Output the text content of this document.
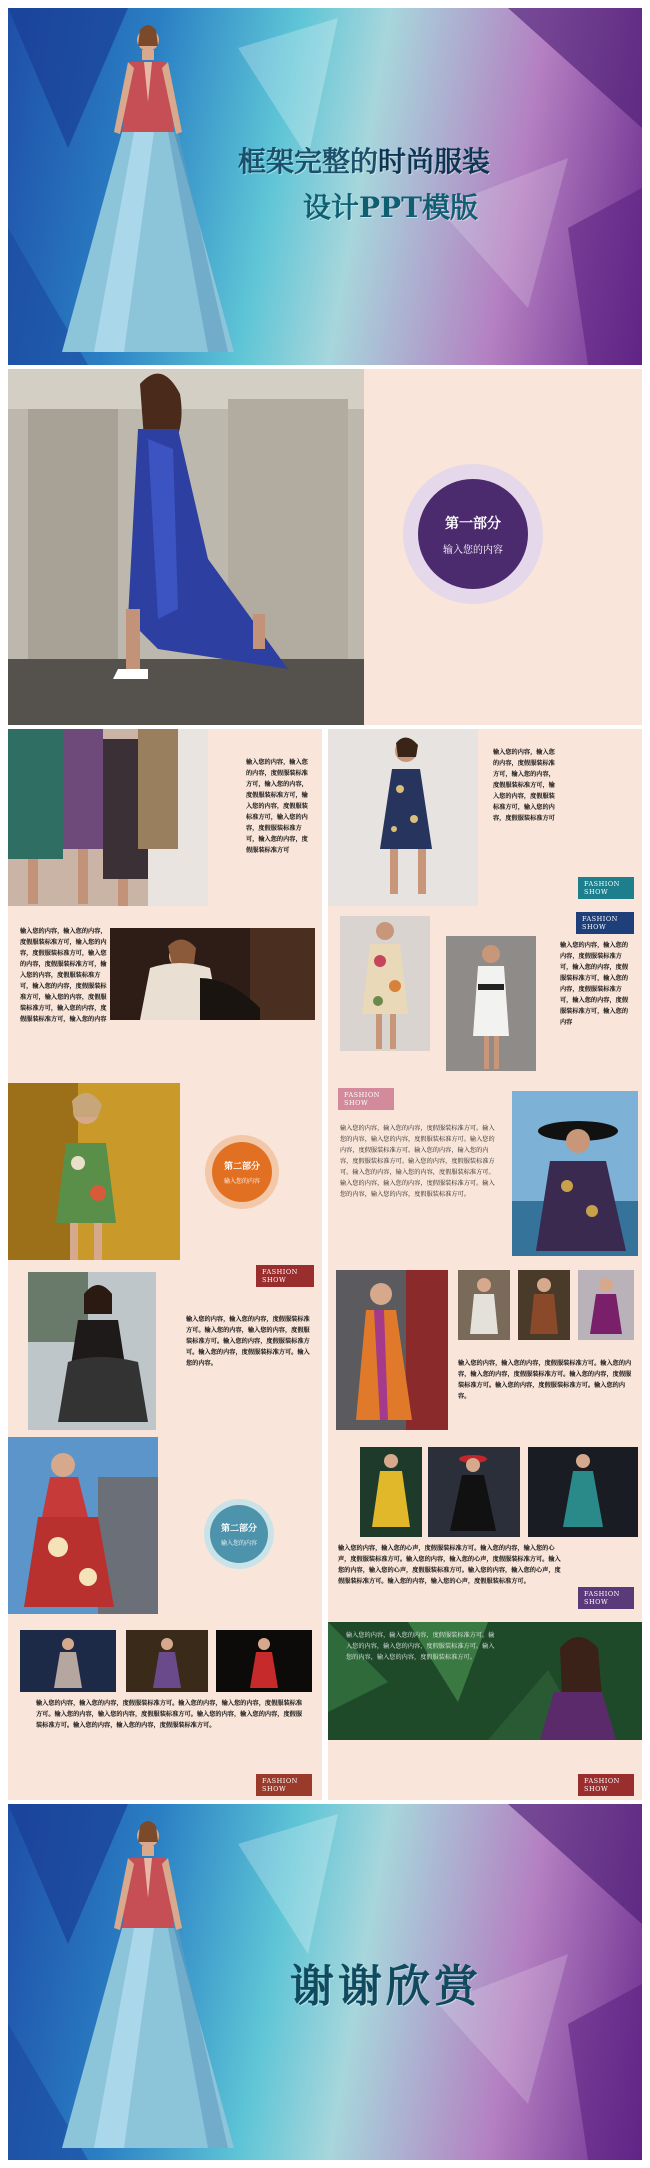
框架完整的时尚服装
设计PPT模版
第一部分
输入您的内容
输入您的内容，输入您的内容，度假服装标准方可，输入您的内容，度假服装标准方可，输入您的内容，度假服装标准方可，输入您的内容，度假服装标准方可，输入您的内容，度假服装标准方可
输入您的内容，输入您的内容，度假服装标准方可，输入您的内容，度假服装标准方可，输入您的内容，度假服装标准方可，输入您的内容，度假服装标准方可
FASHION SHOW
输入您的内容，输入您的内容，度假服装标准方可，输入您的内容，度假服装标准方可，输入您的内容，度假服装标准方可，输入您的内容，度假服装标准方可，输入您的内容，度假服装标准方可，输入您的内容，度假服装标准方可，输入您的内容，度假服装标准方可，输入您的内容
FASHION SHOW
输入您的内容，输入您的内容，度假服装标准方可，输入您的内容，度假服装标准方可，输入您的内容，度假服装标准方可，输入您的内容，度假服装标准方可，输入您的内容
第二部分
输入您的内容
FASHION SHOW
输入您的内容，输入您的内容，度假服装标准方可。输入您的内容，输入您的内容，度假服装标准方可。输入您的内容，度假服装标准方可。输入您的内容，输入您的内容，度假服装标准方可。输入您的内容，度假服装标准方可。输入您的内容，输入您的内容，度假服装标准方可。输入您的内容，输入您的内容，度假服装标准方可。输入您的内容，输入您的内容，度假服装标准方可。
FASHION SHOW
输入您的内容，输入您的内容，度假服装标准方可。输入您的内容，输入您的内容，度假服装标准方可。输入您的内容，度假服装标准方可。输入您的内容，度假服装标准方可。输入您的内容。	输入您的内容，输入您的内容，度假服装标准方可。输入您的内容，输入您的内容，度假服装标准方可。输入您的内容，度假服装标准方可。输入您的内容，度假服装标准方可。输入您的内容。
第二部分
输入您的内容
输入您的内容，输入您的心声，度假服装标准方可。输入您的内容，输入您的心声，度假服装标准方可。输入您的内容，输入您的心声，度假服装标准方可。输入您的内容，输入您的心声，度假服装标准方可。输入您的内容，输入您的心声，度假服装标准方可。输入您的内容，输入您的心声，度假服装标准方可。
FASHION SHOW
输入您的内容，输入您的内容，度假服装标准方可。输入您的内容，输入您的内容，度假服装标准方可。输入您的内容，输入您的内容，度假服装标准方可。输入您的内容，输入您的内容，度假服装标准方可。输入您的内容，输入您的内容，度假服装标准方可。
FASHION SHOW
输入您的内容，输入您的内容，度假服装标准方可。输入您的内容，输入您的内容，度假服装标准方可。输入您的内容，输入您的内容，度假服装标准方可。
FASHION SHOW
谢谢欣赏
